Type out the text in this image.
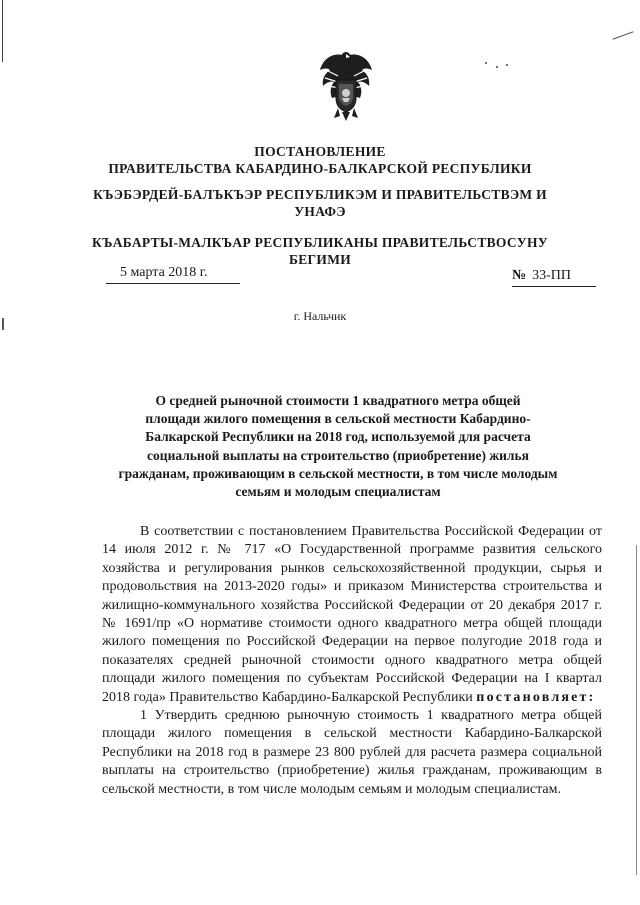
ПОСТАНОВЛЕНИЕ
ПРАВИТЕЛЬСТВА КАБАРДИНО-БАЛКАРСКОЙ РЕСПУБЛИКИ
КЪЭБЭРДЕЙ-БАЛЪКЪЭР РЕСПУБЛИКЭМ И ПРАВИТЕЛЬСТВЭМ И
УНАФЭ
КЪАБАРТЫ-МАЛКЪАР РЕСПУБЛИКАНЫ ПРАВИТЕЛЬСТВОСУНУ
БЕГИМИ
5 марта 2018 г.	№ 33-ПП
г. Нальчик
О средней рыночной стоимости 1 квадратного метра общей
площади жилого помещения в сельской местности Кабардино-
Балкарской Республики на 2018 год, используемой для расчета
социальной выплаты на строительство (приобретение) жилья
гражданам, проживающим в сельской местности, в том числе молодым
семьям и молодым специалистам

В соответствии с постановлением Правительства Российской Федерации от 14 июля 2012 г. № 717 «О Государственной программе развития сельского хозяйства и регулирования рынков сельскохозяйственной продукции, сырья и продовольствия на 2013-2020 годы» и приказом Министерства строительства и жилищно-коммунального хозяйства Российской Федерации от 20 декабря 2017 г. № 1691/пр «О нормативе стоимости одного квадратного метра общей площади жилого помещения по Российской Федерации на первое полугодие 2018 года и показателях средней рыночной стоимости одного квадратного метра общей площади жилого помещения по субъектам Российской Федерации на I квартал 2018 года» Правительство Кабардино-Балкарской Республики постановляет:

1 Утвердить среднюю рыночную стоимость 1 квадратного метра общей площади жилого помещения в сельской местности Кабардино-Балкарской Республики на 2018 год в размере 23 800 рублей для расчета размера социальной выплаты на строительство (приобретение) жилья гражданам, проживающим в сельской местности, в том числе молодым семьям и молодым специалистам.
